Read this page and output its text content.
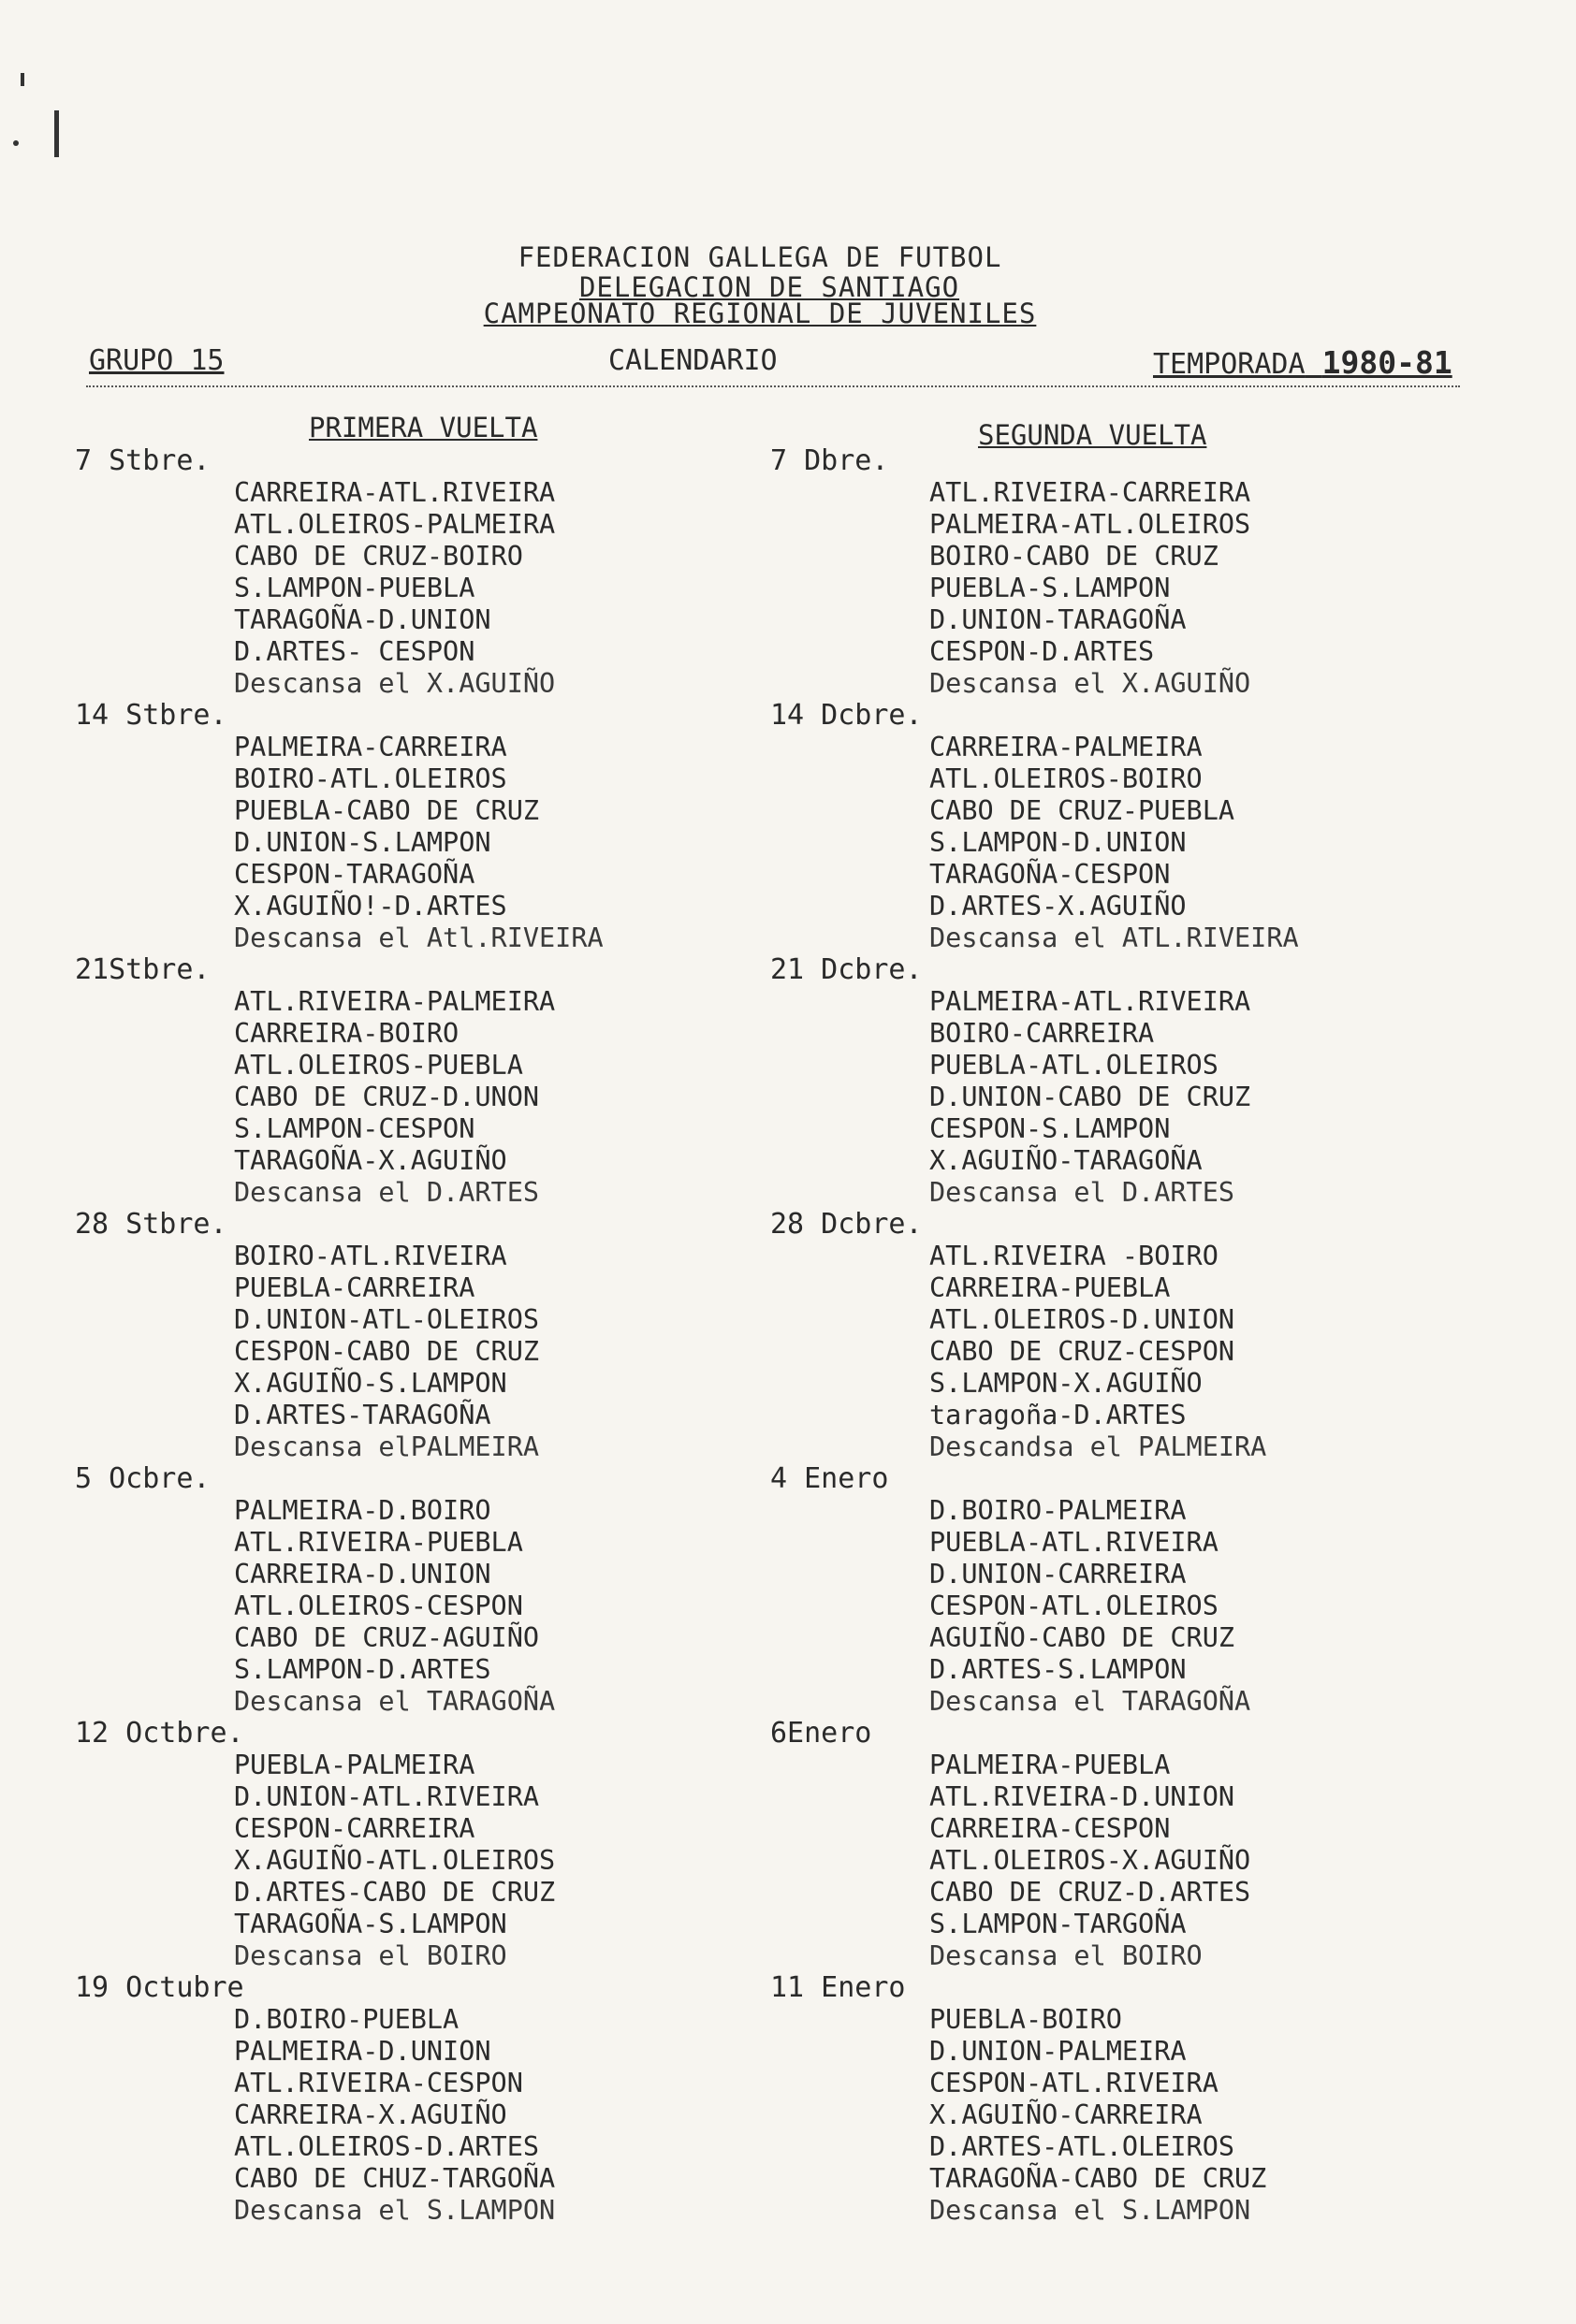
FEDERACION GALLEGA DE FUTBOL
DELEGACION DE SANTIAGO
CAMPEONATO REGIONAL DE JUVENILES
GRUPO 15	CALENDARIO	TEMPORADA 1980-81
PRIMERA VUELTA	SEGUNDA VUELTA
7 Stbre.
CARREIRA-ATL.RIVEIRA
ATL.OLEIROS-PALMEIRA
CABO DE CRUZ-BOIRO
S.LAMPON-PUEBLA
TARAGOÑA-D.UNION
D.ARTES- CESPON
Descansa el X.AGUIÑO
14 Stbre.
PALMEIRA-CARREIRA
BOIRO-ATL.OLEIROS
PUEBLA-CABO DE CRUZ
D.UNION-S.LAMPON
CESPON-TARAGOÑA
X.AGUIÑO!-D.ARTES
Descansa el Atl.RIVEIRA
21Stbre.
ATL.RIVEIRA-PALMEIRA
CARREIRA-BOIRO
ATL.OLEIROS-PUEBLA
CABO DE CRUZ-D.UNON
S.LAMPON-CESPON
TARAGOÑA-X.AGUIÑO
Descansa el D.ARTES
28 Stbre.
BOIRO-ATL.RIVEIRA
PUEBLA-CARREIRA
D.UNION-ATL-OLEIROS
CESPON-CABO DE CRUZ
X.AGUIÑO-S.LAMPON
D.ARTES-TARAGOÑA
Descansa elPALMEIRA
5 Ocbre.
PALMEIRA-D.BOIRO
ATL.RIVEIRA-PUEBLA
CARREIRA-D.UNION
ATL.OLEIROS-CESPON
CABO DE CRUZ-AGUIÑO
S.LAMPON-D.ARTES
Descansa el TARAGOÑA
12 Octbre.
PUEBLA-PALMEIRA
D.UNION-ATL.RIVEIRA
CESPON-CARREIRA
X.AGUIÑO-ATL.OLEIROS
D.ARTES-CABO DE CRUZ
TARAGOÑA-S.LAMPON
Descansa el BOIRO
19 Octubre
D.BOIRO-PUEBLA
PALMEIRA-D.UNION
ATL.RIVEIRA-CESPON
CARREIRA-X.AGUIÑO
ATL.OLEIROS-D.ARTES
CABO DE CHUZ-TARGOÑA
Descansa el S.LAMPON
7 Dbre.
ATL.RIVEIRA-CARREIRA
PALMEIRA-ATL.OLEIROS
BOIRO-CABO DE CRUZ
PUEBLA-S.LAMPON
D.UNION-TARAGOÑA
CESPON-D.ARTES
Descansa el X.AGUIÑO
14 Dcbre.
CARREIRA-PALMEIRA
ATL.OLEIROS-BOIRO
CABO DE CRUZ-PUEBLA
S.LAMPON-D.UNION
TARAGOÑA-CESPON
D.ARTES-X.AGUIÑO
Descansa el ATL.RIVEIRA
21 Dcbre.
PALMEIRA-ATL.RIVEIRA
BOIRO-CARREIRA
PUEBLA-ATL.OLEIROS
D.UNION-CABO DE CRUZ
CESPON-S.LAMPON
X.AGUIÑO-TARAGOÑA
Descansa el D.ARTES
28 Dcbre.
ATL.RIVEIRA -BOIRO
CARREIRA-PUEBLA
ATL.OLEIROS-D.UNION
CABO DE CRUZ-CESPON
S.LAMPON-X.AGUIÑO
taragoña-D.ARTES
Descandsa el PALMEIRA
4 Enero
D.BOIRO-PALMEIRA
PUEBLA-ATL.RIVEIRA
D.UNION-CARREIRA
CESPON-ATL.OLEIROS
AGUIÑO-CABO DE CRUZ
D.ARTES-S.LAMPON
Descansa el TARAGOÑA
6Enero
PALMEIRA-PUEBLA
ATL.RIVEIRA-D.UNION
CARREIRA-CESPON
ATL.OLEIROS-X.AGUIÑO
CABO DE CRUZ-D.ARTES
S.LAMPON-TARGOÑA
Descansa el BOIRO
11 Enero
PUEBLA-BOIRO
D.UNION-PALMEIRA
CESPON-ATL.RIVEIRA
X.AGUIÑO-CARREIRA
D.ARTES-ATL.OLEIROS
TARAGOÑA-CABO DE CRUZ
Descansa el S.LAMPON
